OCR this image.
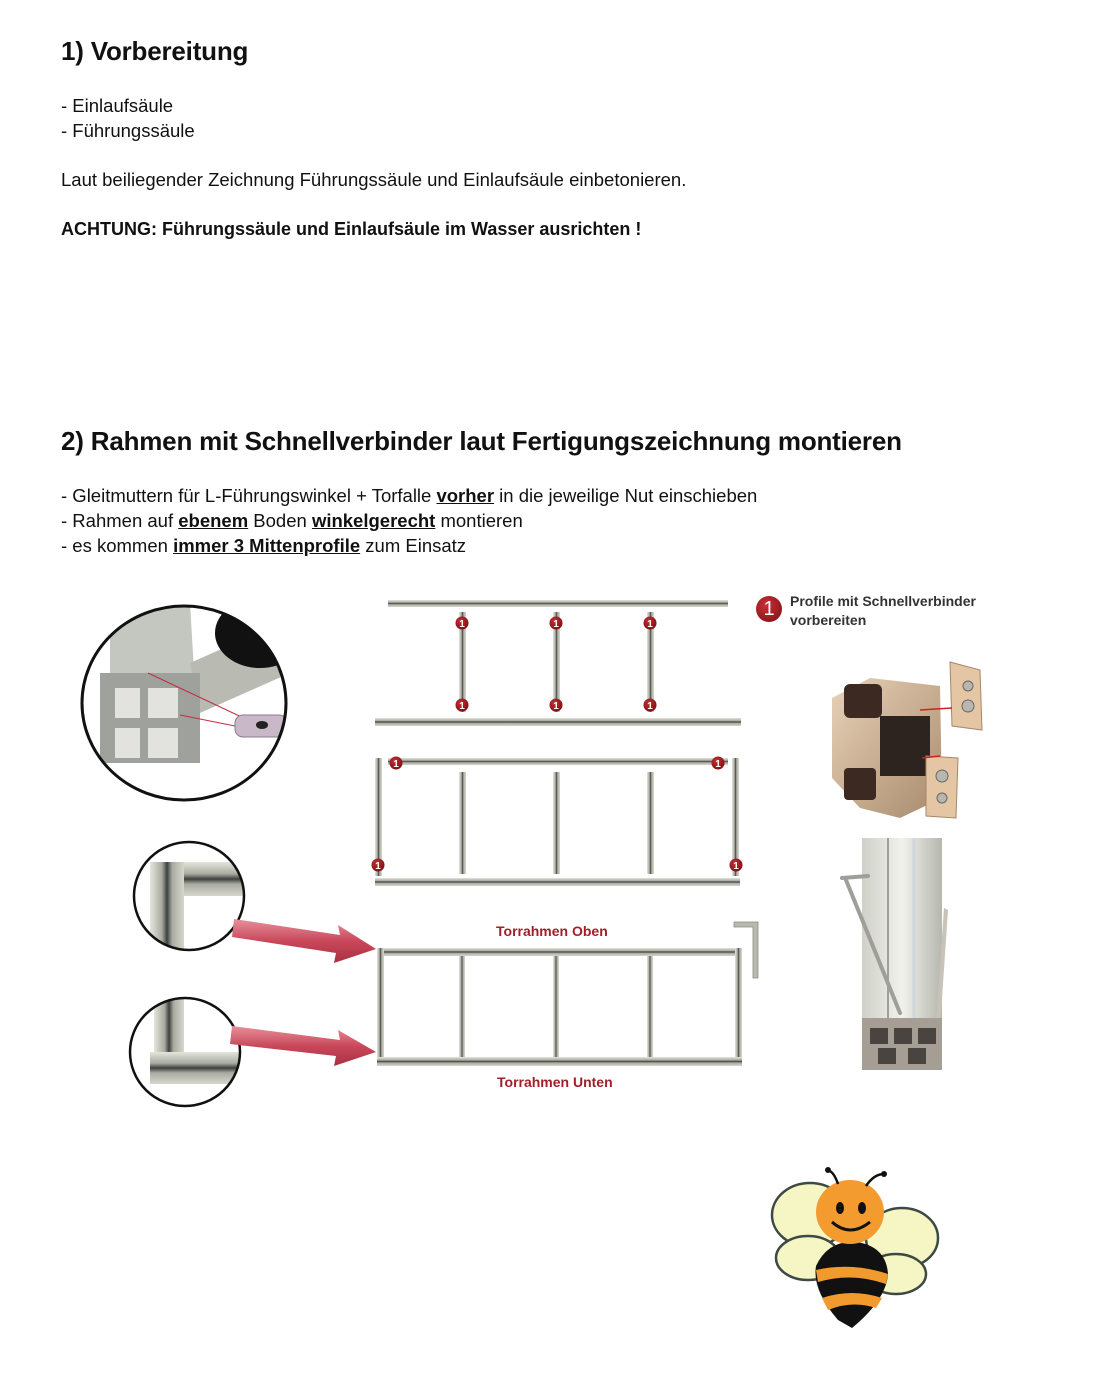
1) Vorbereitung
- Einlaufsäule
- Führungssäule
Laut beiliegender Zeichnung Führungssäule und Einlaufsäule einbetonieren.
ACHTUNG: Führungssäule und Einlaufsäule im Wasser ausrichten !
2) Rahmen mit Schnellverbinder laut Fertigungszeichnung montieren
- Gleitmuttern für L-Führungswinkel + Torfalle vorher in die jeweilige Nut einschieben
- Rahmen auf ebenem Boden winkelgerecht montieren
- es kommen immer 3 Mittenprofile zum Einsatz
1	1	1
1	1	1
1	1
1	1
Torrahmen Oben
Torrahmen Unten
1	Profile mit Schnellverbinder
vorbereiten
